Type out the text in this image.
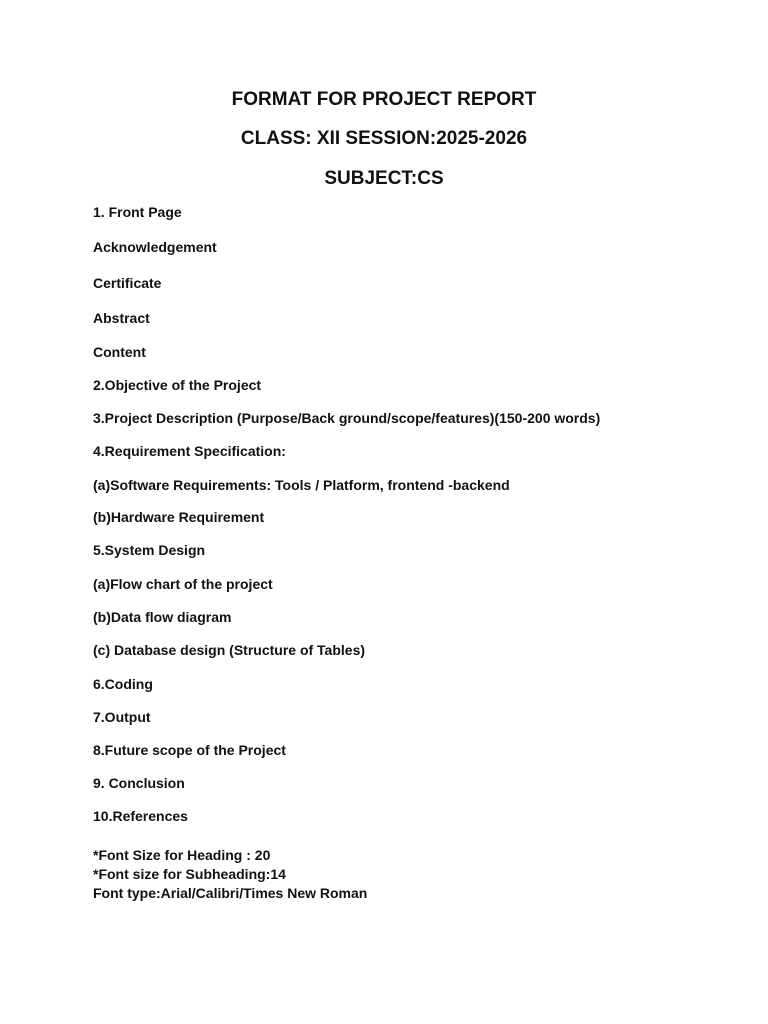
FORMAT FOR PROJECT REPORT
CLASS: XII SESSION:2025-2026
SUBJECT:CS
1. Front Page
Acknowledgement
Certificate
Abstract
Content
2.Objective of the Project
3.Project Description (Purpose/Back ground/scope/features)(150-200 words)
4.Requirement Specification:
(a)Software Requirements: Tools / Platform, frontend -backend
(b)Hardware Requirement
5.System Design
(a)Flow chart of the project
(b)Data flow diagram
(c) Database design (Structure of Tables)
6.Coding
7.Output
8.Future scope of the Project
9. Conclusion
10.References
*Font Size for Heading : 20
*Font size for Subheading:14
Font type:Arial/Calibri/Times New Roman
